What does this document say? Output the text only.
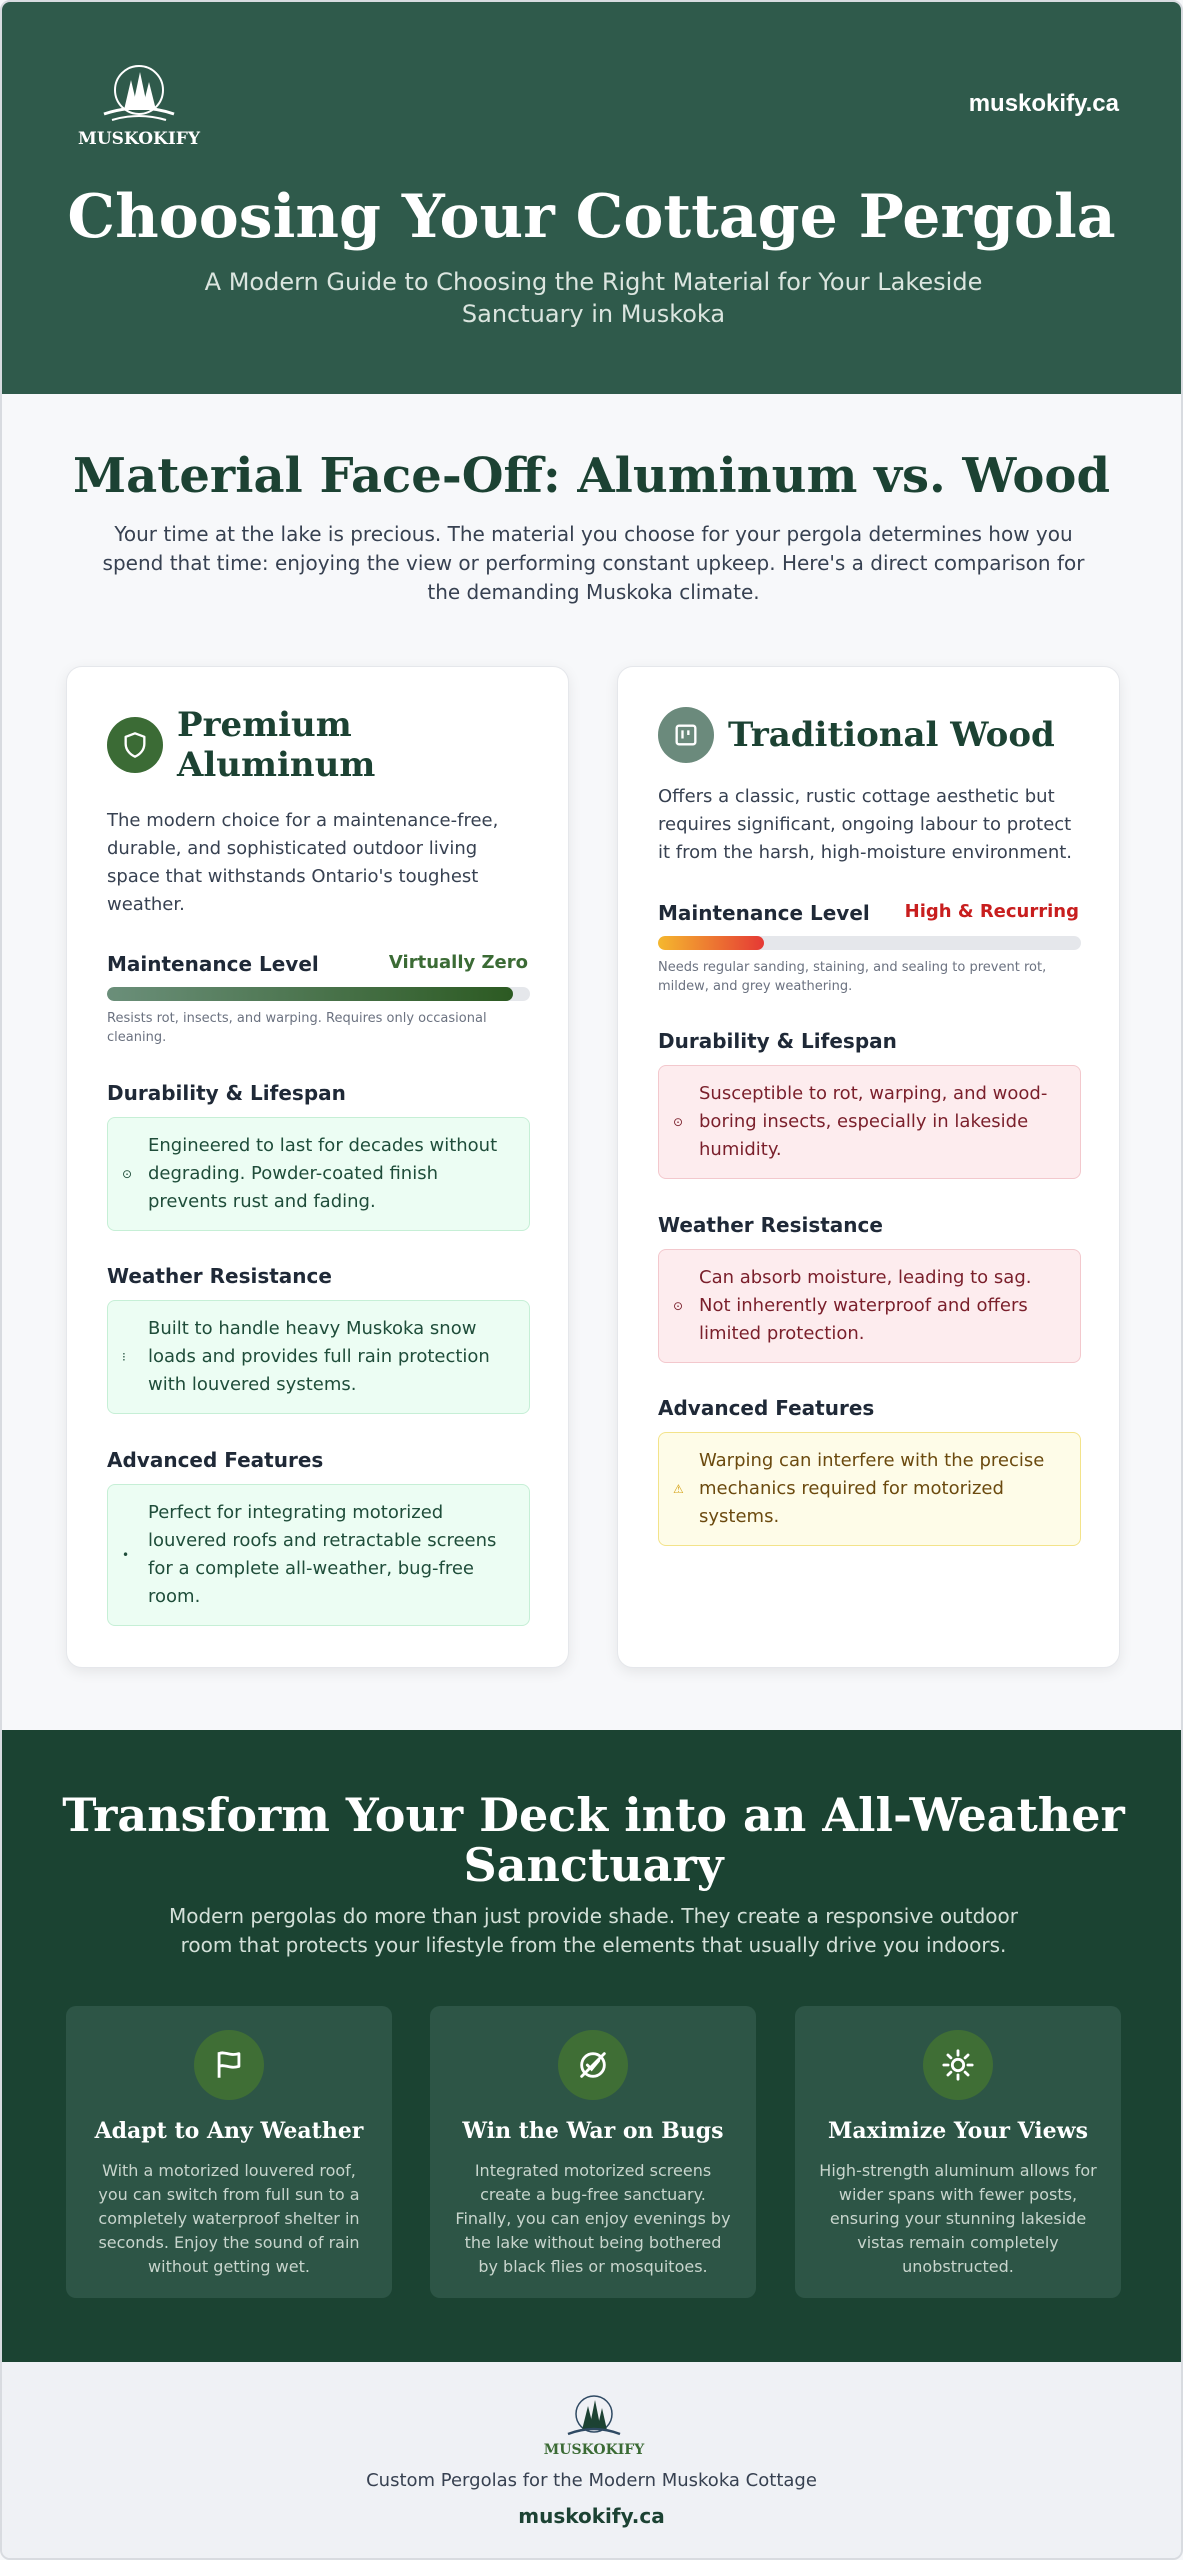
MUSKOKIFY
muskokify.ca
Choosing Your Cottage Pergola

A Modern Guide to Choosing the Right Material for Your Lakeside Sanctuary in Muskoka

Material Face-Off: Aluminum vs. Wood

Your time at the lake is precious. The material you choose for your pergola determines how you spend that time: enjoying the view or performing constant upkeep. Here's a direct comparison for the demanding Muskoka climate.

Premium Aluminum

The modern choice for a maintenance-free, durable, and sophisticated outdoor living space that withstands Ontario's toughest weather.

Maintenance Level	Virtually Zero

Resists rot, insects, and warping. Requires only occasional cleaning.

Durability & Lifespan
⊙
Engineered to last for decades without degrading. Powder-coated finish prevents rust and fading.
Weather Resistance
⁝
Built to handle heavy Muskoka snow loads and provides full rain protection with louvered systems.
Advanced Features
•
Perfect for integrating motorized louvered roofs and retractable screens for a complete all-weather, bug-free room.
Traditional Wood

Offers a classic, rustic cottage aesthetic but requires significant, ongoing labour to protect it from the harsh, high-moisture environment.

Maintenance Level High & Recurring

Needs regular sanding, staining, and sealing to prevent rot, mildew, and grey weathering.

Durability & Lifespan
⊙
Susceptible to rot, warping, and wood-boring insects, especially in lakeside humidity.
Weather Resistance
⊙
Can absorb moisture, leading to sag. Not inherently waterproof and offers limited protection.
Advanced Features
⚠
Warping can interfere with the precise mechanics required for motorized systems.
Transform Your Deck into an All-Weather Sanctuary

Modern pergolas do more than just provide shade. They create a responsive outdoor room that protects your lifestyle from the elements that usually drive you indoors.

Adapt to Any Weather

With a motorized louvered roof, you can switch from full sun to a completely waterproof shelter in seconds. Enjoy the sound of rain without getting wet.

Win the War on Bugs

Integrated motorized screens create a bug-free sanctuary. Finally, you can enjoy evenings by the lake without being bothered by black flies or mosquitoes.

Maximize Your Views

High-strength aluminum allows for wider spans with fewer posts, ensuring your stunning lakeside vistas remain completely unobstructed.

MUSKOKIFY

Custom Pergolas for the Modern Muskoka Cottage

muskokify.ca
